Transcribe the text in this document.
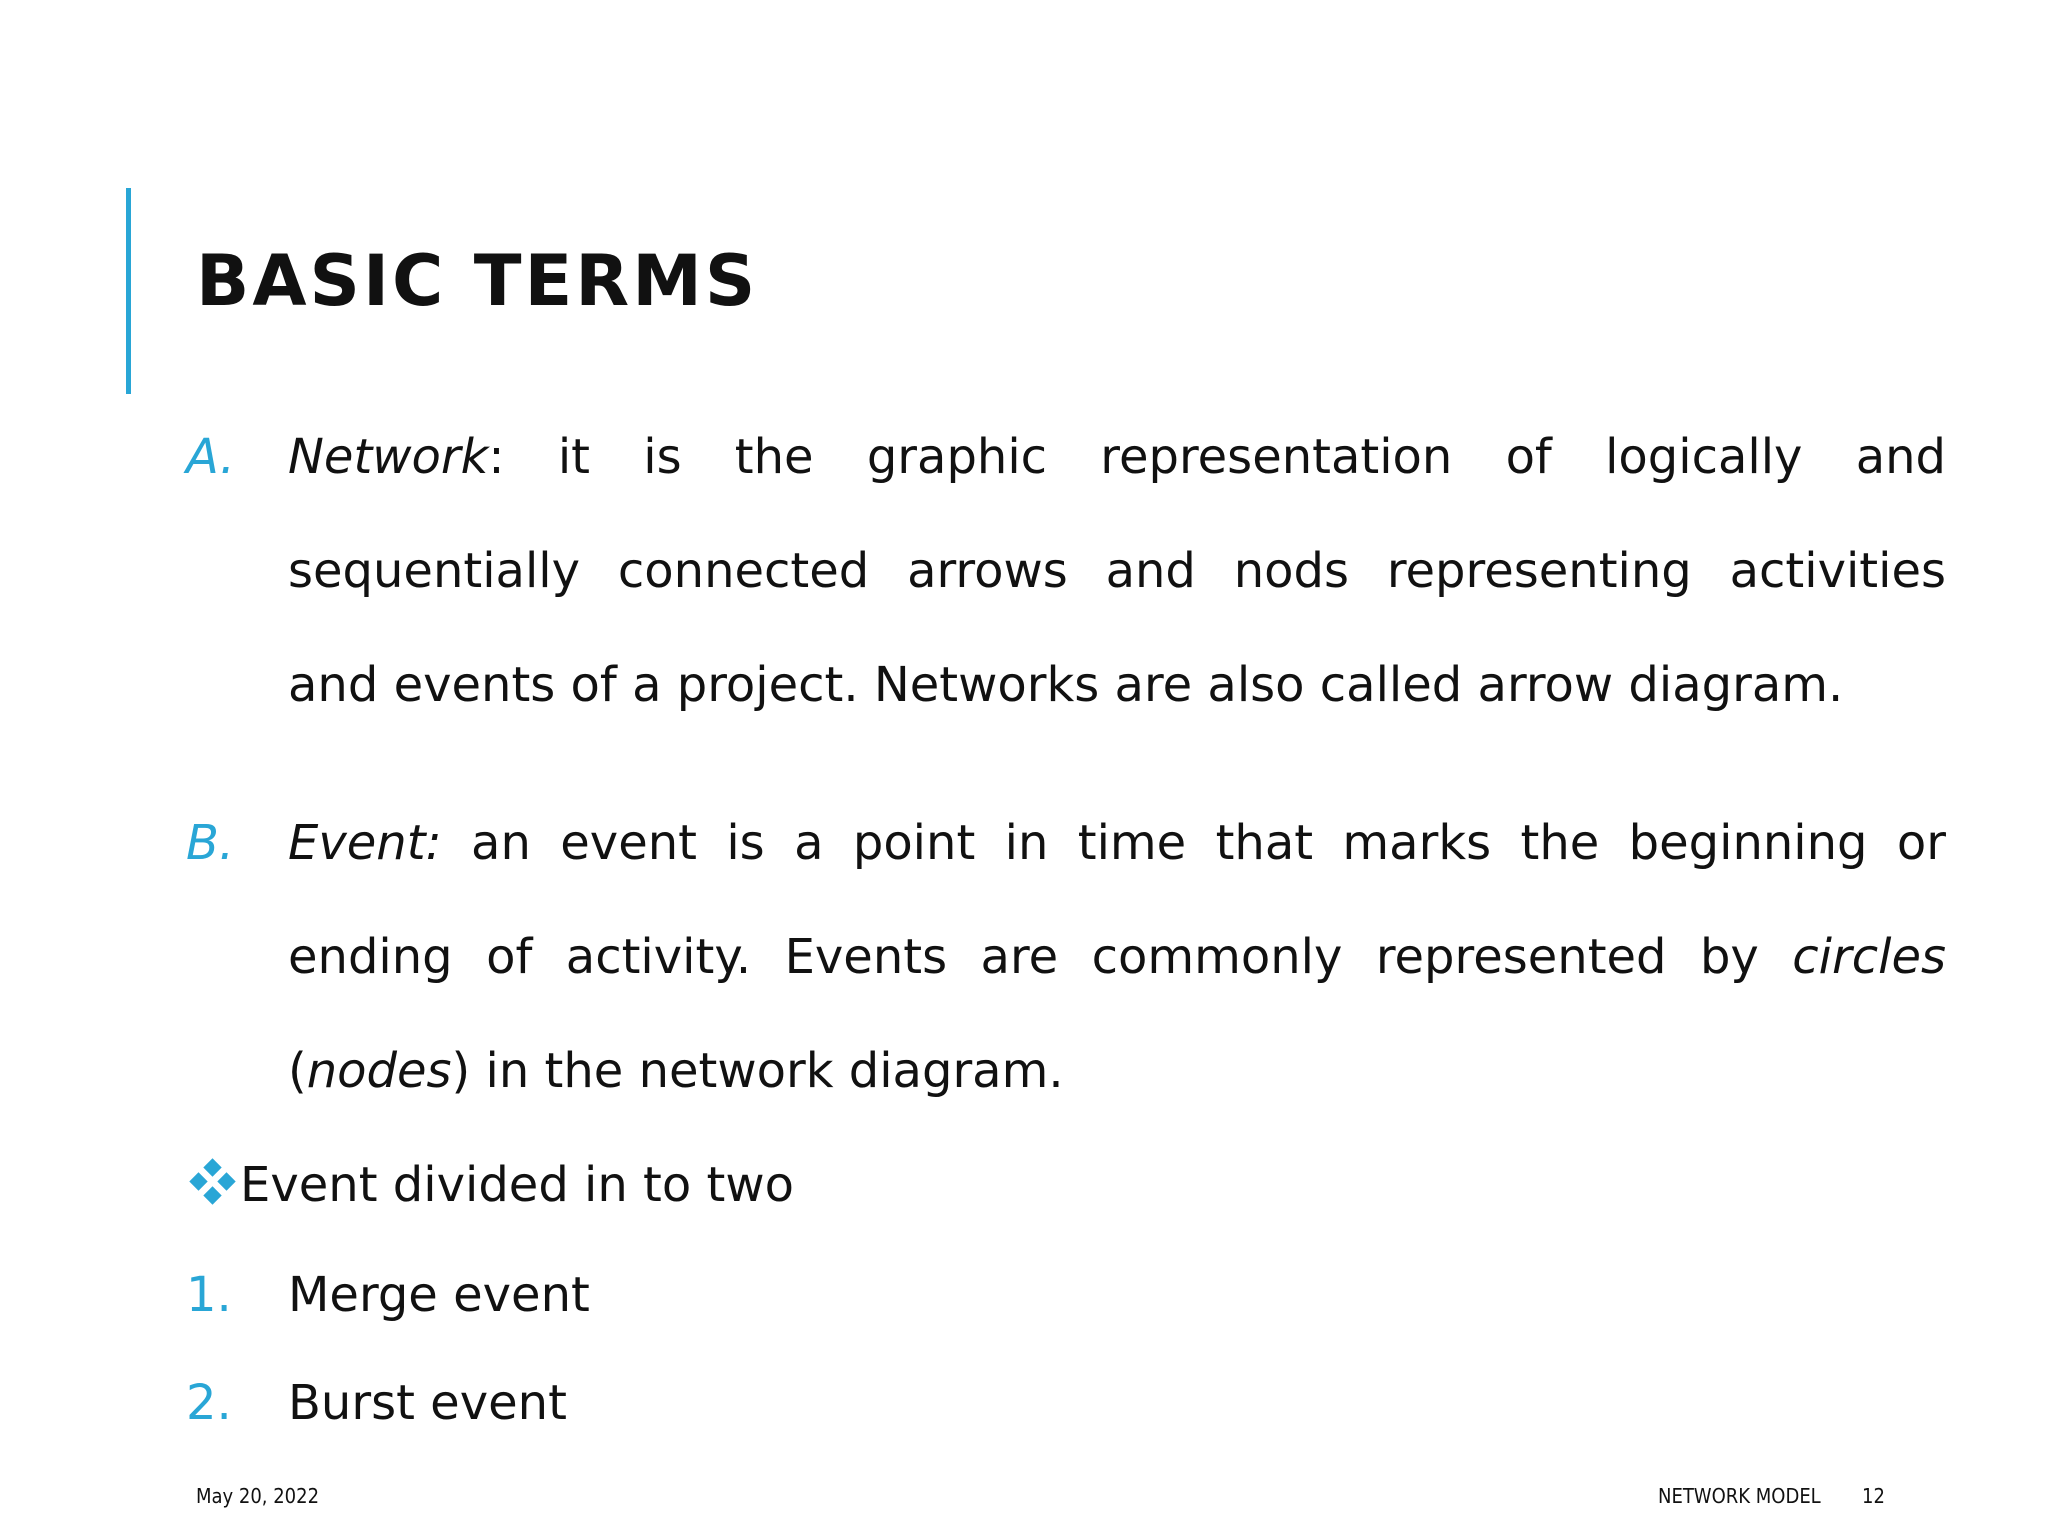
BASIC TERMS
A. Network: it is the graphic representation of logically and
sequentially connected arrows and nods representing activities
and events of a project. Networks are also called arrow diagram.
B. Event: an event is a point in time that marks the beginning or
ending of activity. Events are commonly represented by circles
(nodes) in the network diagram.
Event divided in to two
1. Merge event
2. Burst event
May 20, 2022	NETWORK MODEL 12
